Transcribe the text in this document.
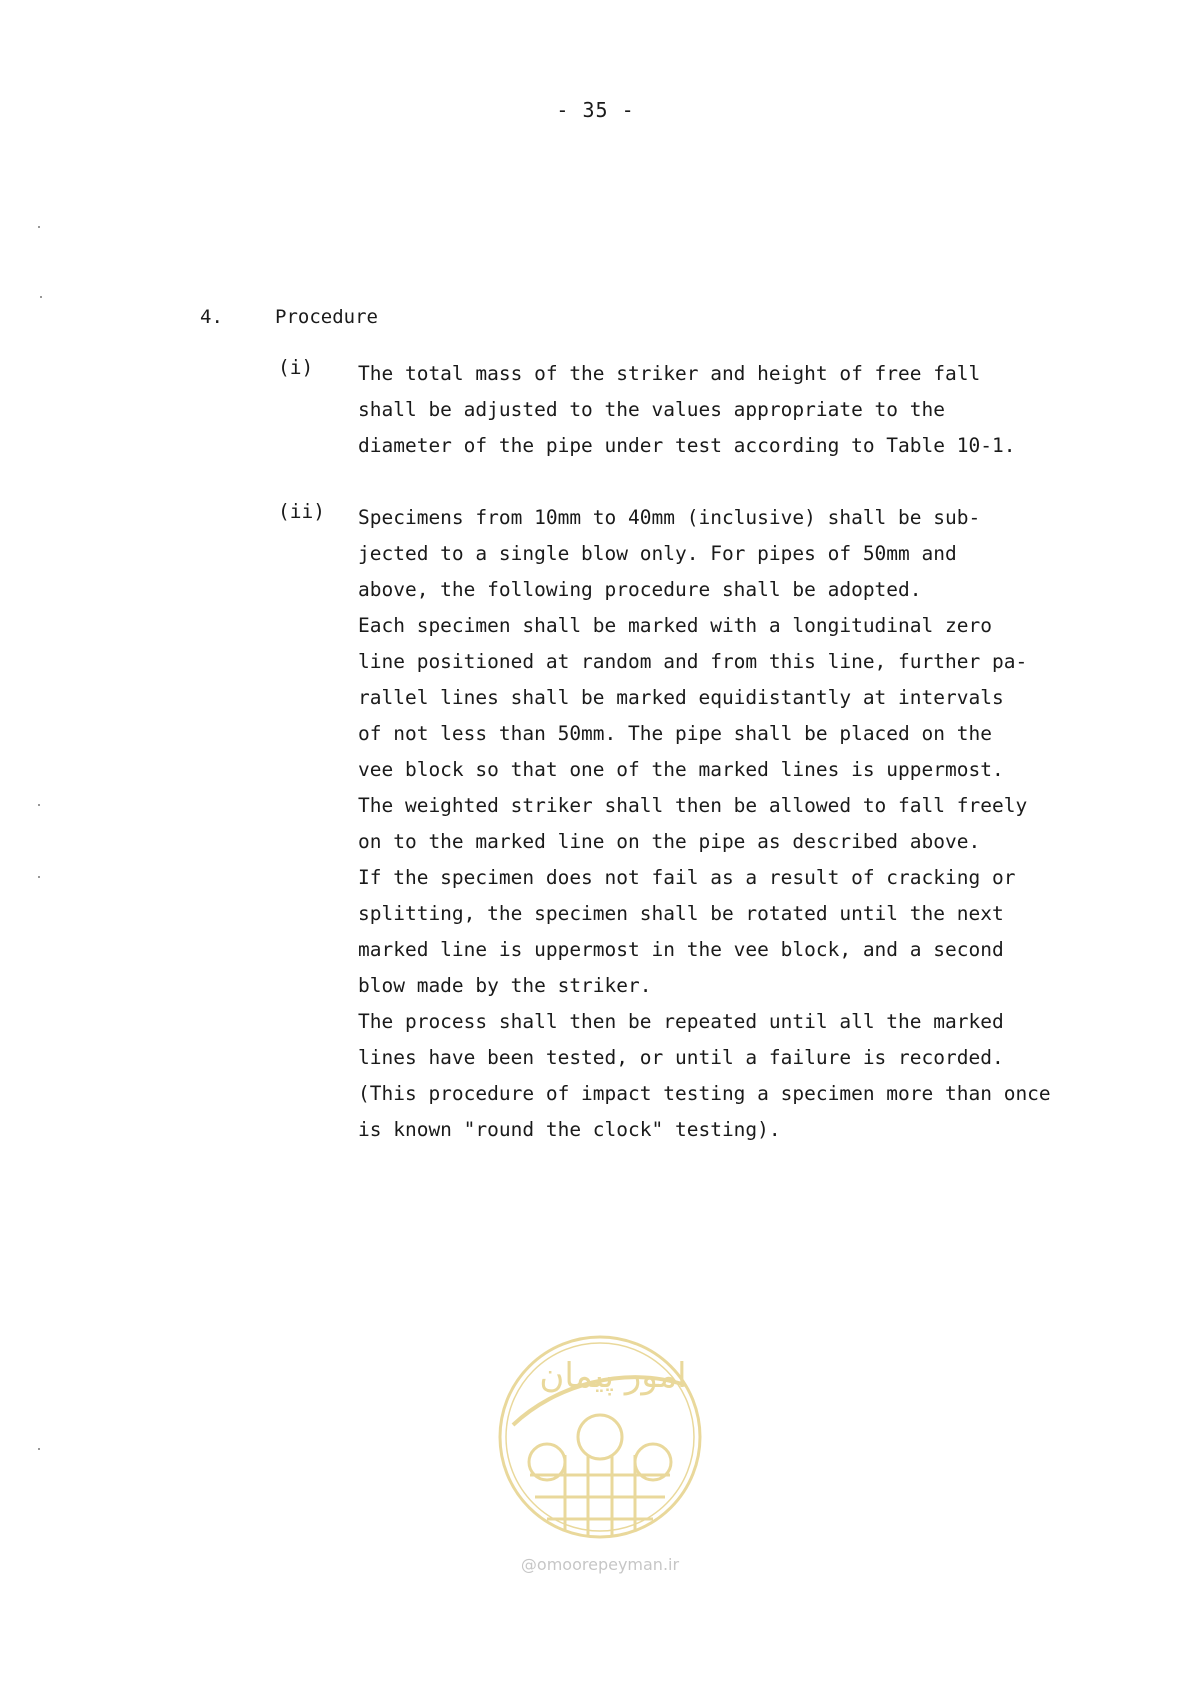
- 35 -
4.	Procedure
(i) The total mass of the striker and height of free fall
shall be adjusted to the values appropriate to the
diameter of the pipe under test according to Table 10-1.
(ii) Specimens from 10mm to 40mm (inclusive) shall be sub-
jected to a single blow only. For pipes of 50mm and
above, the following procedure shall be adopted.
Each specimen shall be marked with a longitudinal zero
line positioned at random and from this line, further pa-
rallel lines shall be marked equidistantly at intervals
of not less than 50mm. The pipe shall be placed on the
vee block so that one of the marked lines is uppermost.
The weighted striker shall then be allowed to fall freely
on to the marked line on the pipe as described above.
If the specimen does not fail as a result of cracking or
splitting, the specimen shall be rotated until the next
marked line is uppermost in the vee block, and a second
blow made by the striker.
The process shall then be repeated until all the marked
lines have been tested, or until a failure is recorded.
(This procedure of impact testing a specimen more than once
is known "round the clock" testing).
امور پیمان
@omoorepeyman.ir
